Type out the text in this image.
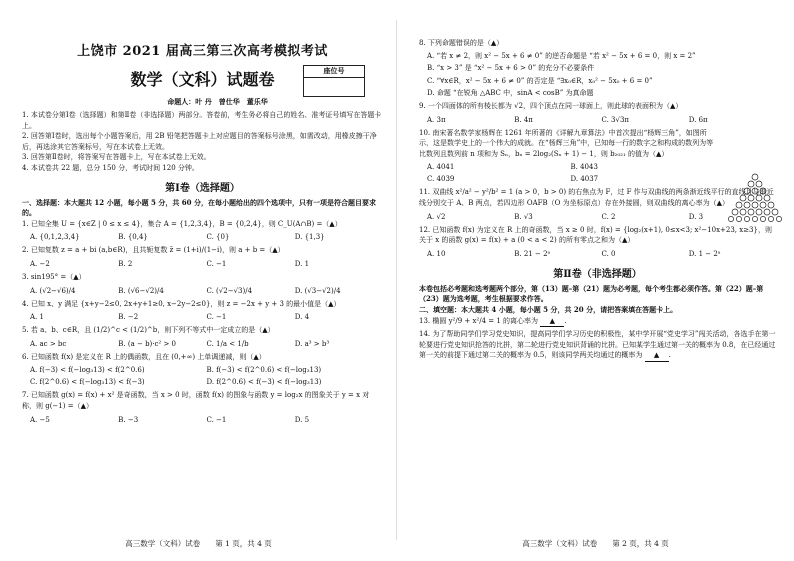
上饶市 2021 届高三第三次高考模拟考试
数学（文科）试题卷	座位号
命题人：叶 丹　曾仕华　董乐华

1. 本试卷分第Ⅰ卷（选择题）和第Ⅱ卷（非选择题）两部分。答卷前，考生务必将自己的姓名、准考证号填写在答题卡上。

2. 回答第Ⅰ卷时，选出每个小题答案后，用 2B 铅笔把答题卡上对应题目的答案标号涂黑，如需改动，用橡皮擦干净后，再选涂其它答案标号，写在本试卷上无效。

3. 回答第Ⅱ卷时，将答案写在答题卡上，写在本试卷上无效。

4. 本试卷共 22 题，总分 150 分，考试时间 120 分钟。

第Ⅰ卷（选择题）

一、选择题：本大题共 12 小题，每小题 5 分，共 60 分，在每小题给出的四个选项中，只有一项是符合题目要求的。

1. 已知全集 U = {x∈Z | 0 ≤ x ≤ 4}，集合 A = {1,2,3,4}，B = {0,2,4}，则 C_U(A∩B) =（▲）

A. {0,1,2,3,4}	B. {0,4}	C. {0}	D. {1,3}

2. 已知复数 z = a + bi (a,b∈R)，且共轭复数 z̄ = (1+i)/(1−i)，则 a + b =（▲）

A. −2	B. 2	C. −1	D. 1

3. sin195° =（▲）

A. (√2−√6)/4	B. (√6−√2)/4	C. (√2−√3)/4	D. (√3−√2)/4

4. 已知 x、y 满足 {x+y−2≤0, 2x+y+1≥0, x−2y−2≤0}，则 z = −2x + y + 3 的最小值是（▲）

A. 1	B. −2	C. −1	D. 4

5. 若 a、b、c∈R，且 (1/2)^c < (1/2)^b，则下列不等式中一定成立的是（▲）

A. ac > bc	B. (a − b)·c² > 0	C. 1/a < 1/b	D. a³ > b³

6. 已知函数 f(x) 是定义在 R 上的偶函数，且在 (0,+∞) 上单调递减，则（▲）

A. f(−3) < f(−log₃13) < f(2^0.6)	B. f(−3) < f(2^0.6) < f(−log₃13)
C. f(2^0.6) < f(−log₃13) < f(−3)	D. f(2^0.6) < f(−3) < f(−log₃13)

7. 已知函数 g(x) = f(x) + x² 是奇函数，当 x > 0 时，函数 f(x) 的图象与函数 y = log₂x 的图象关于 y = x 对称，则 g(−1) =（▲）

A. −5	B. −3	C. −1	D. 5
高三数学（文科）试卷　　第 1 页，共 4 页

8. 下列命题错误的是（▲）

A. “若 x ≠ 2，则 x² − 5x + 6 ≠ 0” 的逆否命题是 “若 x² − 5x + 6 = 0，则 x = 2”

B. “x > 3” 是 “x² − 5x + 6 > 0” 的充分不必要条件

C. “∀x∈R，x² − 5x + 6 ≠ 0” 的否定是 “∃x₀∈R，x₀² − 5x₀ + 6 = 0”

D. 命题 “在锐角 △ABC 中，sinA < cosB” 为真命题

9. 一个四面体的所有棱长都为 √2，四个顶点在同一球面上，则此球的表面积为（▲）

A. 3π	B. 4π	C. 3√3π	D. 6π

10. 南宋著名数学家杨辉在 1261 年所著的《详解九章算法》中首次提出“杨辉三角”，如图所示，这是数学史上的一个伟大的成就。在“杨辉三角”中，已知每一行的数字之和构成的数列为等比数列且数列前 n 项和为 Sₙ，bₙ = 2log₂(Sₙ + 1) − 1，则 b₂₀₂₁ 的值为（▲）

A. 4041	B. 4043
C. 4039	D. 4037

11. 双曲线 x²/a² − y²/b² = 1 (a > 0，b > 0) 的右焦点为 F，过 F 作与双曲线的两条渐近线平行的直线且与渐近线分别交于 A、B 两点，若四边形 OAFB（O 为坐标原点）存在外接圆，则双曲线的离心率为（▲）

A. √2	B. √3	C. 2	D. 3

12. 已知函数 f(x) 为定义在 R 上的奇函数，当 x ≥ 0 时，f(x) = {log₂(x+1), 0≤x<3; x²−10x+23, x≥3}，则关于 x 的函数 g(x) = f(x) + a (0 < a < 2) 的所有零点之和为（▲）

A. 10	B. 21 − 2ᵃ	C. 0	D. 1 − 2ᵃ
第Ⅱ卷（非选择题）

本卷包括必考题和选考题两个部分，第（13）题–第（21）题为必考题，每个考生都必须作答。第（22）题–第（23）题为选考题，考生根据要求作答。

二、填空题：本大题共 4 小题，每小题 5 分，共 20 分，请把答案填在答题卡上。

13. 椭圆 y²/9 + x²/4 = 1 的离心率为 ▲ .

14. 为了帮助同学们学习党史知识，提高同学们学习历史的积极性，某中学开展“党史学习”闯关活动，各选手在第一轮要进行党史知识抢答的比拼，第二轮进行党史知识背诵的比拼。已知某学生通过第一关的概率为 0.8，在已经通过第一关的前提下通过第二关的概率为 0.5，则该同学两关均通过的概率为 ▲ .

高三数学（文科）试卷　　第 2 页，共 4 页
